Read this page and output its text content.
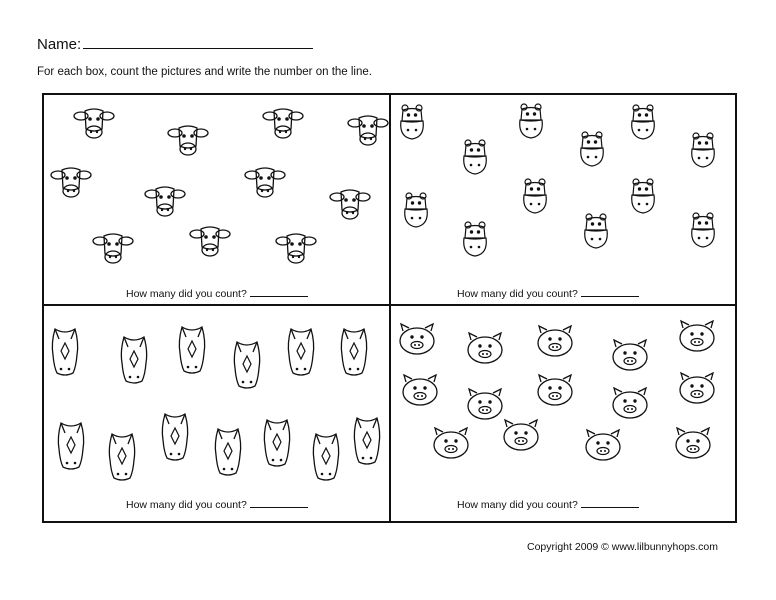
Name:
For each box, count the pictures and write the number on the line.
How many did you count?	How many did you count?
How many did you count?	How many did you count?
Copyright 2009 © www.lilbunnyhops.com
